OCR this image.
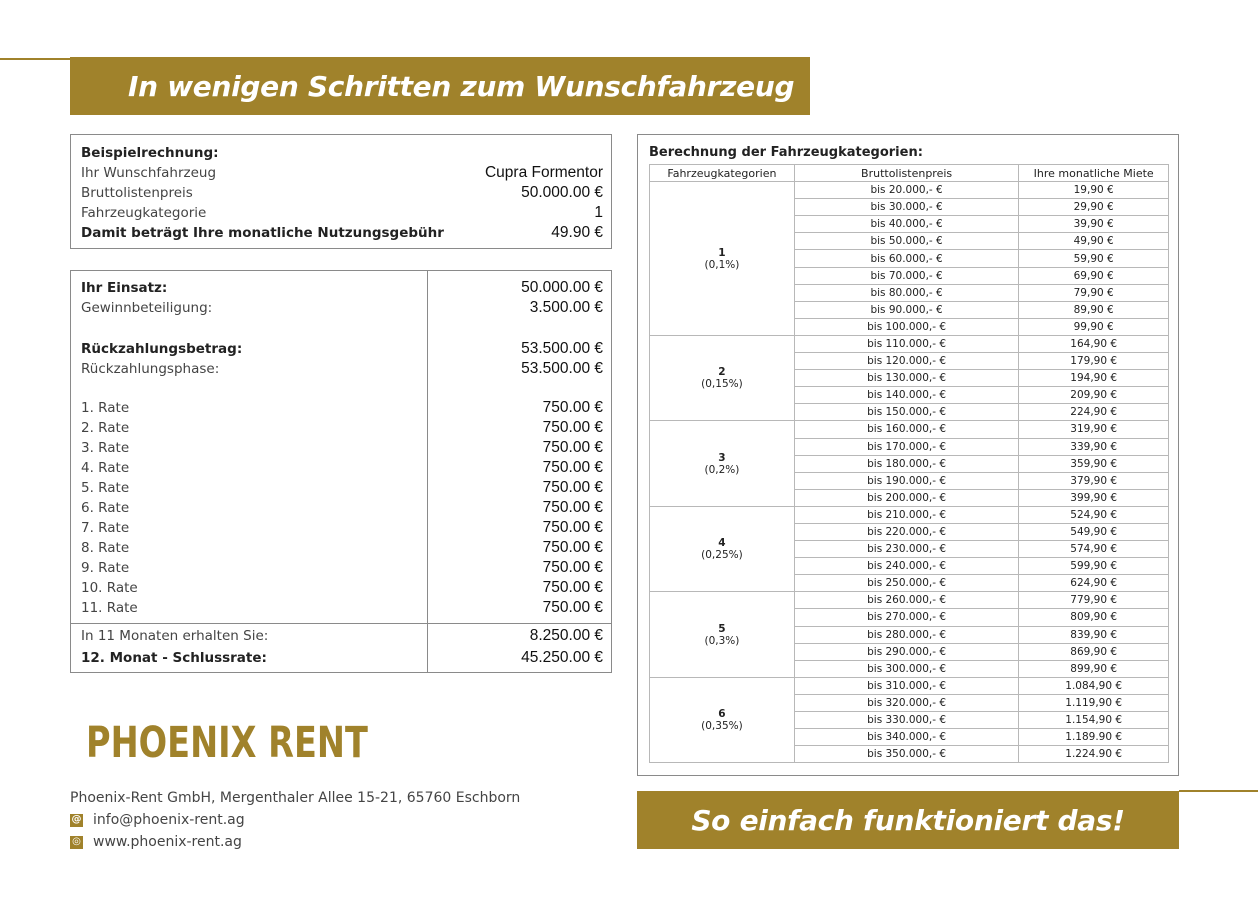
In wenigen Schritten zum Wunschfahrzeug
Beispielrechnung:
Ihr Wunschfahrzeug	Cupra Formentor
Bruttolistenpreis	50.000.00 €
Fahrzeugkategorie	1
Damit beträgt Ihre monatliche Nutzungsgebühr	49.90 €
Ihr Einsatz:	50.000.00 €
Gewinnbeteiligung:	3.500.00 €
Rückzahlungsbetrag:	53.500.00 €
Rückzahlungsphase:	53.500.00 €
1. Rate	750.00 €
2. Rate	750.00 €
3. Rate	750.00 €
4. Rate	750.00 €
5. Rate	750.00 €
6. Rate	750.00 €
7. Rate	750.00 €
8. Rate	750.00 €
9. Rate	750.00 €
10. Rate	750.00 €
11. Rate	750.00 €
In 11 Monaten erhalten Sie:	8.250.00 €
12. Monat - Schlussrate:	45.250.00 €
Berechnung der Fahrzeugkategorien:
Fahrzeugkategorien	Bruttolistenpreis	Ihre monatliche Miete

1
(0,1%)	bis 20.000,- €	19,90 €
	bis 30.000,- €	29,90 €
	bis 40.000,- €	39,90 €
	bis 50.000,- €	49,90 €
	bis 60.000,- €	59,90 €
	bis 70.000,- €	69,90 €
	bis 80.000,- €	79,90 €
	bis 90.000,- €	89,90 €
	bis 100.000,- €	99,90 €

2
(0,15%)	bis 110.000,- €	164,90 €
	bis 120.000,- €	179,90 €
	bis 130.000,- €	194,90 €
	bis 140.000,- €	209,90 €
	bis 150.000,- €	224,90 €

3
(0,2%)	bis 160.000,- €	319,90 €
	bis 170.000,- €	339,90 €
	bis 180.000,- €	359,90 €
	bis 190.000,- €	379,90 €
	bis 200.000,- €	399,90 €

4
(0,25%)	bis 210.000,- €	524,90 €
	bis 220.000,- €	549,90 €
	bis 230.000,- €	574,90 €
	bis 240.000,- €	599,90 €
	bis 250.000,- €	624,90 €

5
(0,3%)	bis 260.000,- €	779,90 €
	bis 270.000,- €	809,90 €
	bis 280.000,- €	839,90 €
	bis 290.000,- €	869,90 €
	bis 300.000,- €	899,90 €

6
(0,35%)	bis 310.000,- €	1.084,90 €
	bis 320.000,- €	1.119,90 €
	bis 330.000,- €	1.154,90 €
	bis 340.000,- €	1.189.90 €
	bis 350.000,- €	1.224.90 €
PHOENIX RENT
Phoenix-Rent GmbH, Mergenthaler Allee 15-21, 65760 Eschborn
@ info@phoenix-rent.ag
◎ www.phoenix-rent.ag
So einfach funktioniert das!
